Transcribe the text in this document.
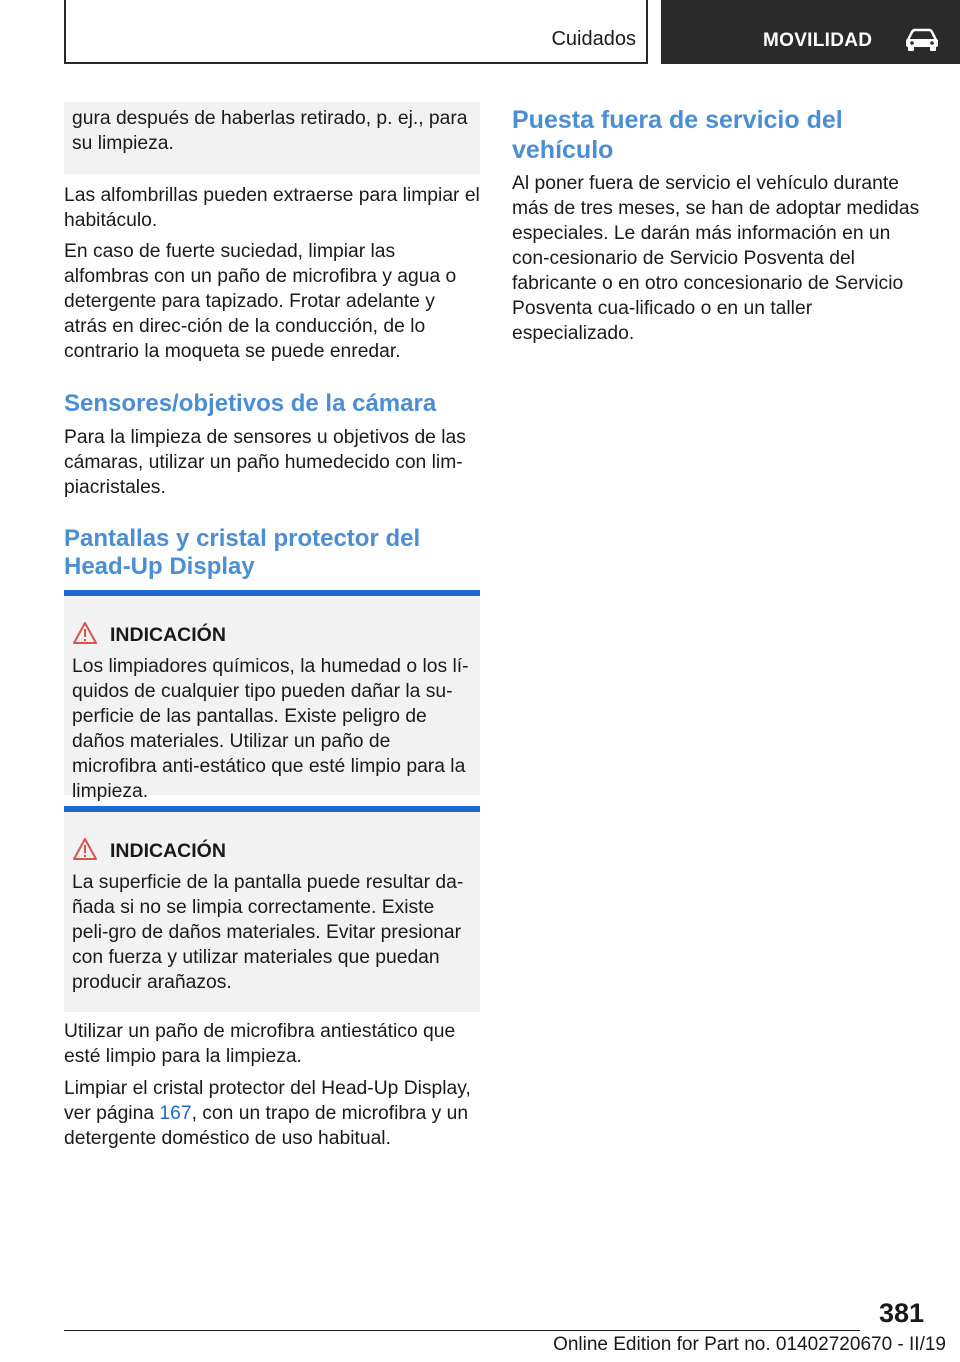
Cuidados	MOVILIDAD

gura después de haberlas retirado, p. ej., para su limpieza.

Las alfombrillas pueden extraerse para limpiar el habitáculo.

En caso de fuerte suciedad, limpiar las alfombras con un paño de microfibra y agua o detergente para tapizado. Frotar adelante y atrás en direc-ción de la conducción, de lo contrario la moqueta se puede enredar.

Sensores/objetivos de la cámara

Para la limpieza de sensores u objetivos de las cámaras, utilizar un paño humedecido con lim-piacristales.

Pantallas y cristal protector del Head-Up Display
INDICACIÓN

Los limpiadores químicos, la humedad o los lí-quidos de cualquier tipo pueden dañar la su-perficie de las pantallas. Existe peligro de daños materiales. Utilizar un paño de microfibra anti-estático que esté limpio para la limpieza.

INDICACIÓN

La superficie de la pantalla puede resultar da-ñada si no se limpia correctamente. Existe peli-gro de daños materiales. Evitar presionar con fuerza y utilizar materiales que puedan producir arañazos.

Utilizar un paño de microfibra antiestático que esté limpio para la limpieza.

Limpiar el cristal protector del Head-Up Display, ver página 167, con un trapo de microfibra y un detergente doméstico de uso habitual.

Puesta fuera de servicio del vehículo

Al poner fuera de servicio el vehículo durante más de tres meses, se han de adoptar medidas especiales. Le darán más información en un con-cesionario de Servicio Posventa del fabricante o en otro concesionario de Servicio Posventa cua-lificado o en un taller especializado.

381
Online Edition for Part no. 01402720670 - II/19
